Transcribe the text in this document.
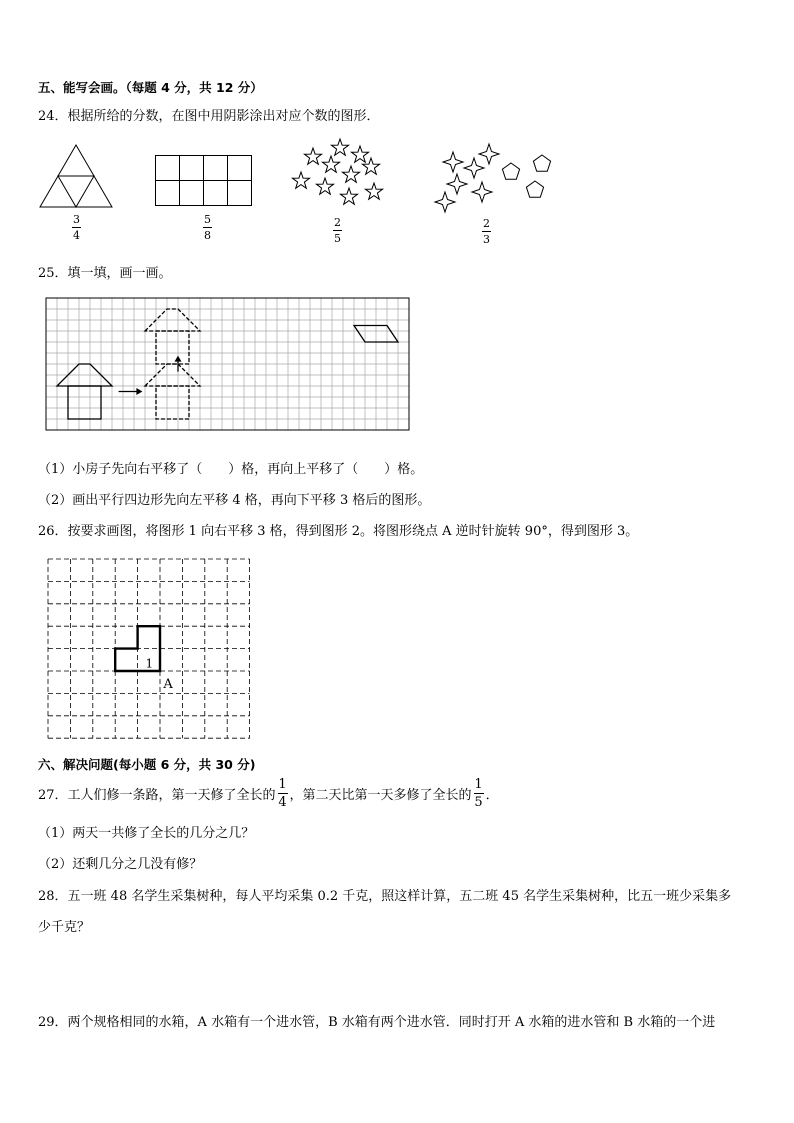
五、能写会画。（每题 4 分，共 12 分）
24．根据所给的分数，在图中用阴影涂出对应个数的图形．
3
4
5
8
2
5
2
3
25．填一填，画一画。
（1）小房子先向右平移了（　　）格，再向上平移了（　　）格。
（2）画出平行四边形先向左平移 4 格，再向下平移 3 格后的图形。
26．按要求画图，将图形 1 向右平移 3 格，得到图形 2。将图形绕点 A 逆时针旋转 90°，得到图形 3。
1
A
六、解决问题(每小题 6 分，共 30 分)
27．工人们修一条路，第一天修了全长的
1
4 ，第二天比第一天多修了全长的
1
5 ．
（1）两天一共修了全长的几分之几？
（2）还剩几分之几没有修？
28．五一班 48 名学生采集树种，每人平均采集 0.2 千克，照这样计算，五二班 45 名学生采集树种，比五一班少采集多
少千克？
29．两个规格相同的水箱，A 水箱有一个进水管，B 水箱有两个进水管．同时打开 A 水箱的进水管和 B 水箱的一个进
